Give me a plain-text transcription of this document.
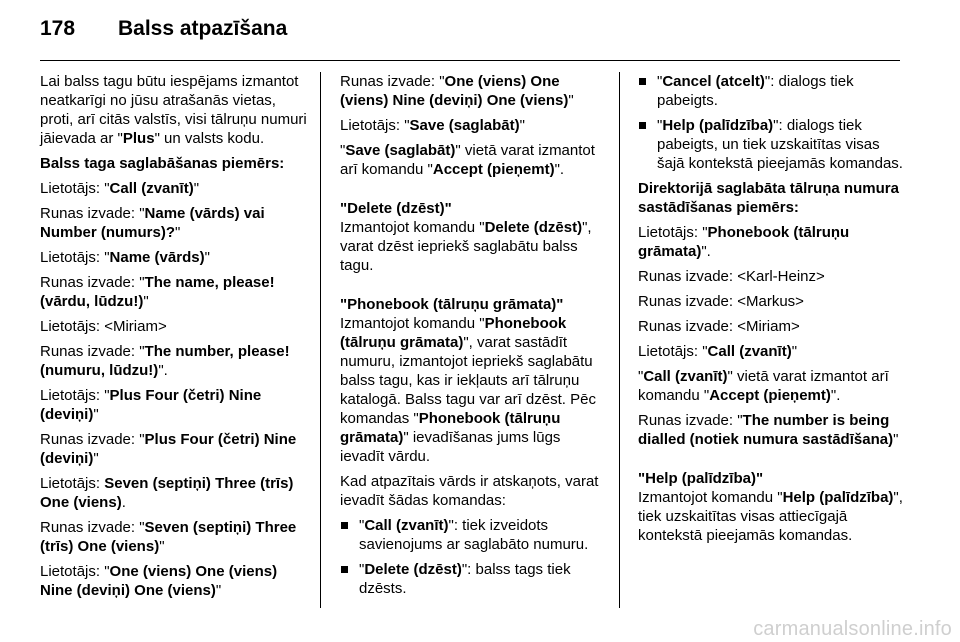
178 Balss atpazīšana

Lai balss tagu būtu iespējams izmantot neatkarīgi no jūsu atrašanās vietas, proti, arī citās valstīs, visi tālruņu numuri jāievada ar "Plus" un valsts kodu.

Balss taga saglabāšanas piemērs:

Lietotājs: "Call (zvanīt)"

Runas izvade: "Name (vārds) vai Number (numurs)?"

Lietotājs: "Name (vārds)"

Runas izvade: "The name, please! (vārdu, lūdzu!)"

Lietotājs: <Miriam>

Runas izvade: "The number, please! (numuru, lūdzu!)".

Lietotājs: "Plus Four (četri) Nine (deviņi)"

Runas izvade: "Plus Four (četri) Nine (deviņi)"

Lietotājs: Seven (septiņi) Three (trīs) One (viens).

Runas izvade: "Seven (septiņi) Three (trīs) One (viens)"

Lietotājs: "One (viens) One (viens) Nine (deviņi) One (viens)"

Runas izvade: "One (viens) One (viens) Nine (deviņi) One (viens)"

Lietotājs: "Save (saglabāt)"

"Save (saglabāt)" vietā varat izmantot arī komandu "Accept (pieņemt)".

"Delete (dzēst)"

Izmantojot komandu "Delete (dzēst)", varat dzēst iepriekš saglabātu balss tagu.

"Phonebook (tālruņu grāmata)"

Izmantojot komandu "Phonebook (tālruņu grāmata)", varat sastādīt numuru, izmantojot iepriekš saglabātu balss tagu, kas ir iekļauts arī tālruņu katalogā. Balss tagu var arī dzēst. Pēc komandas "Phonebook (tālruņu grāmata)" ievadīšanas jums lūgs ievadīt vārdu.

Kad atpazītais vārds ir atskaņots, varat ievadīt šādas komandas:

"Call (zvanīt)": tiek izveidots savienojums ar saglabāto numuru.
"Delete (dzēst)": balss tags tiek dzēsts.
"Cancel (atcelt)": dialogs tiek pabeigts.
"Help (palīdzība)": dialogs tiek pabeigts, un tiek uzskaitītas visas šajā kontekstā pieejamās komandas.

Direktorijā saglabāta tālruņa numura sastādīšanas piemērs:

Lietotājs: "Phonebook (tālruņu grāmata)".

Runas izvade: <Karl-Heinz>

Runas izvade: <Markus>

Runas izvade: <Miriam>

Lietotājs: "Call (zvanīt)"

"Call (zvanīt)" vietā varat izmantot arī komandu "Accept (pieņemt)".

Runas izvade: "The number is being dialled (notiek numura sastādīšana)"

"Help (palīdzība)"

Izmantojot komandu "Help (palīdzība)", tiek uzskaitītas visas attiecīgajā kontekstā pieejamās komandas.

carmanualsonline.info
